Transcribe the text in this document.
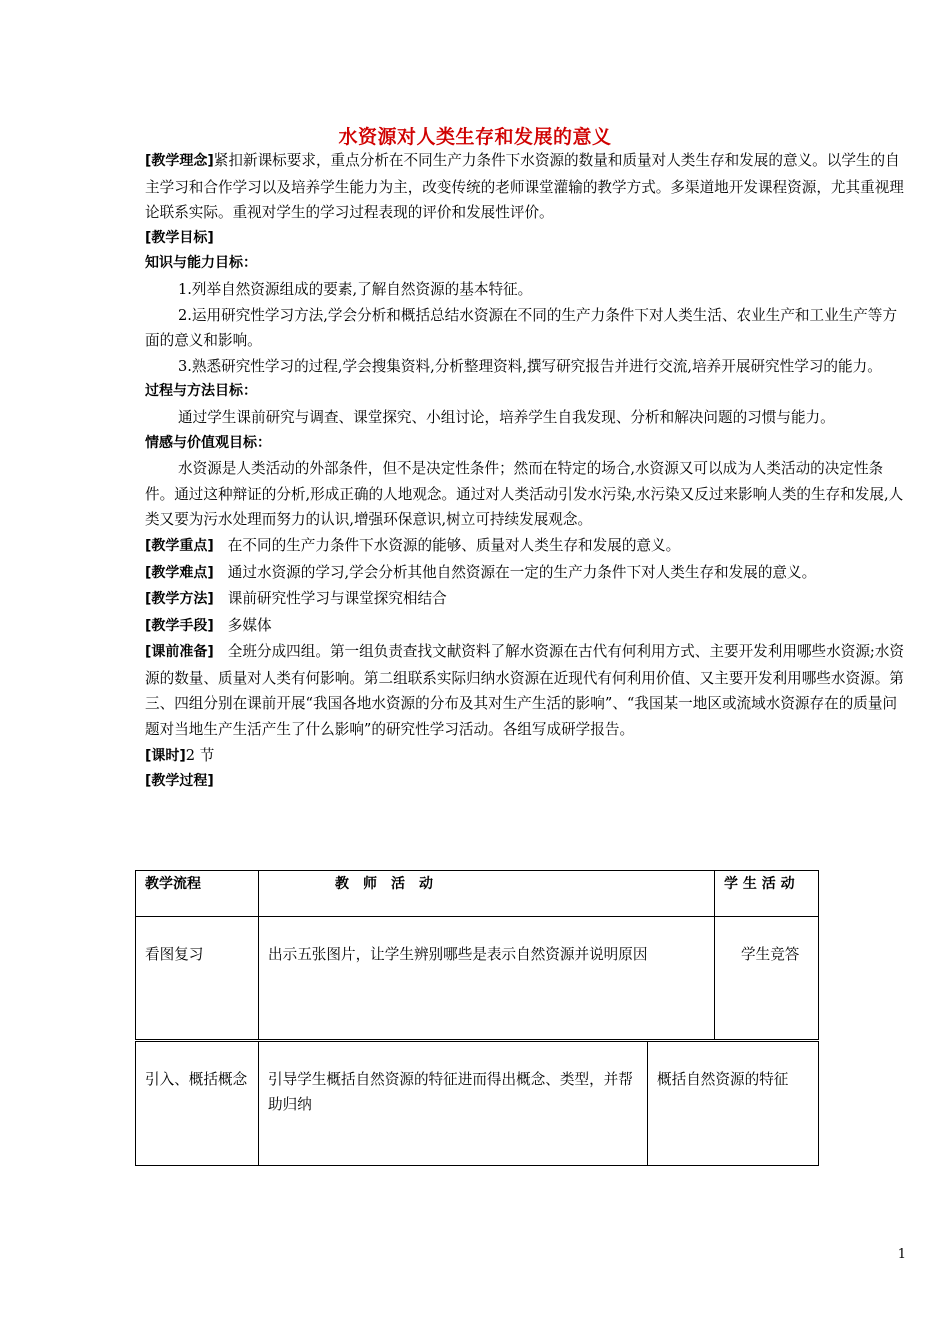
水资源对人类生存和发展的意义

[教学理念]紧扣新课标要求，重点分析在不同生产力条件下水资源的数量和质量对人类生存和发展的意义。以学生的自主学习和合作学习以及培养学生能力为主，改变传统的老师课堂灌输的教学方式。多渠道地开发课程资源，尤其重视理论联系实际。重视对学生的学习过程表现的评价和发展性评价。

[教学目标]

知识与能力目标：

1.列举自然资源组成的要素,了解自然资源的基本特征。

2.运用研究性学习方法,学会分析和概括总结水资源在不同的生产力条件下对人类生活、农业生产和工业生产等方面的意义和影响。

3.熟悉研究性学习的过程,学会搜集资料,分析整理资料,撰写研究报告并进行交流,培养开展研究性学习的能力。

过程与方法目标：

通过学生课前研究与调查、课堂探究、小组讨论，培养学生自我发现、分析和解决问题的习惯与能力。

情感与价值观目标：

水资源是人类活动的外部条件，但不是决定性条件；然而在特定的场合,水资源又可以成为人类活动的决定性条件。通过这种辩证的分析,形成正确的人地观念。通过对人类活动引发水污染,水污染又反过来影响人类的生存和发展,人类又要为污水处理而努力的认识,增强环保意识,树立可持续发展观念。

[教学重点] 在不同的生产力条件下水资源的能够、质量对人类生存和发展的意义。

[教学难点] 通过水资源的学习,学会分析其他自然资源在一定的生产力条件下对人类生存和发展的意义。

[教学方法] 课前研究性学习与课堂探究相结合

[教学手段] 多媒体

[课前准备] 全班分成四组。第一组负责查找文献资料了解水资源在古代有何利用方式、主要开发利用哪些水资源;水资源的数量、质量对人类有何影响。第二组联系实际归纳水资源在近现代有何利用价值、又主要开发利用哪些水资源。第三、四组分别在课前开展“我国各地水资源的分布及其对生产生活的影响”、“我国某一地区或流域水资源存在的质量问题对当地生产生活产生了什么影响”的研究性学习活动。各组写成研学报告。

[课时]2 节

[教学过程]

教学流程	教　师　活　动	学 生 活 动
看图复习	出示五张图片，让学生辨别哪些是表示自然资源并说明原因	学生竞答
引入、概括概念	引导学生概括自然资源的特征进而得出概念、类型，并帮助归纳	概括自然资源的特征
1
